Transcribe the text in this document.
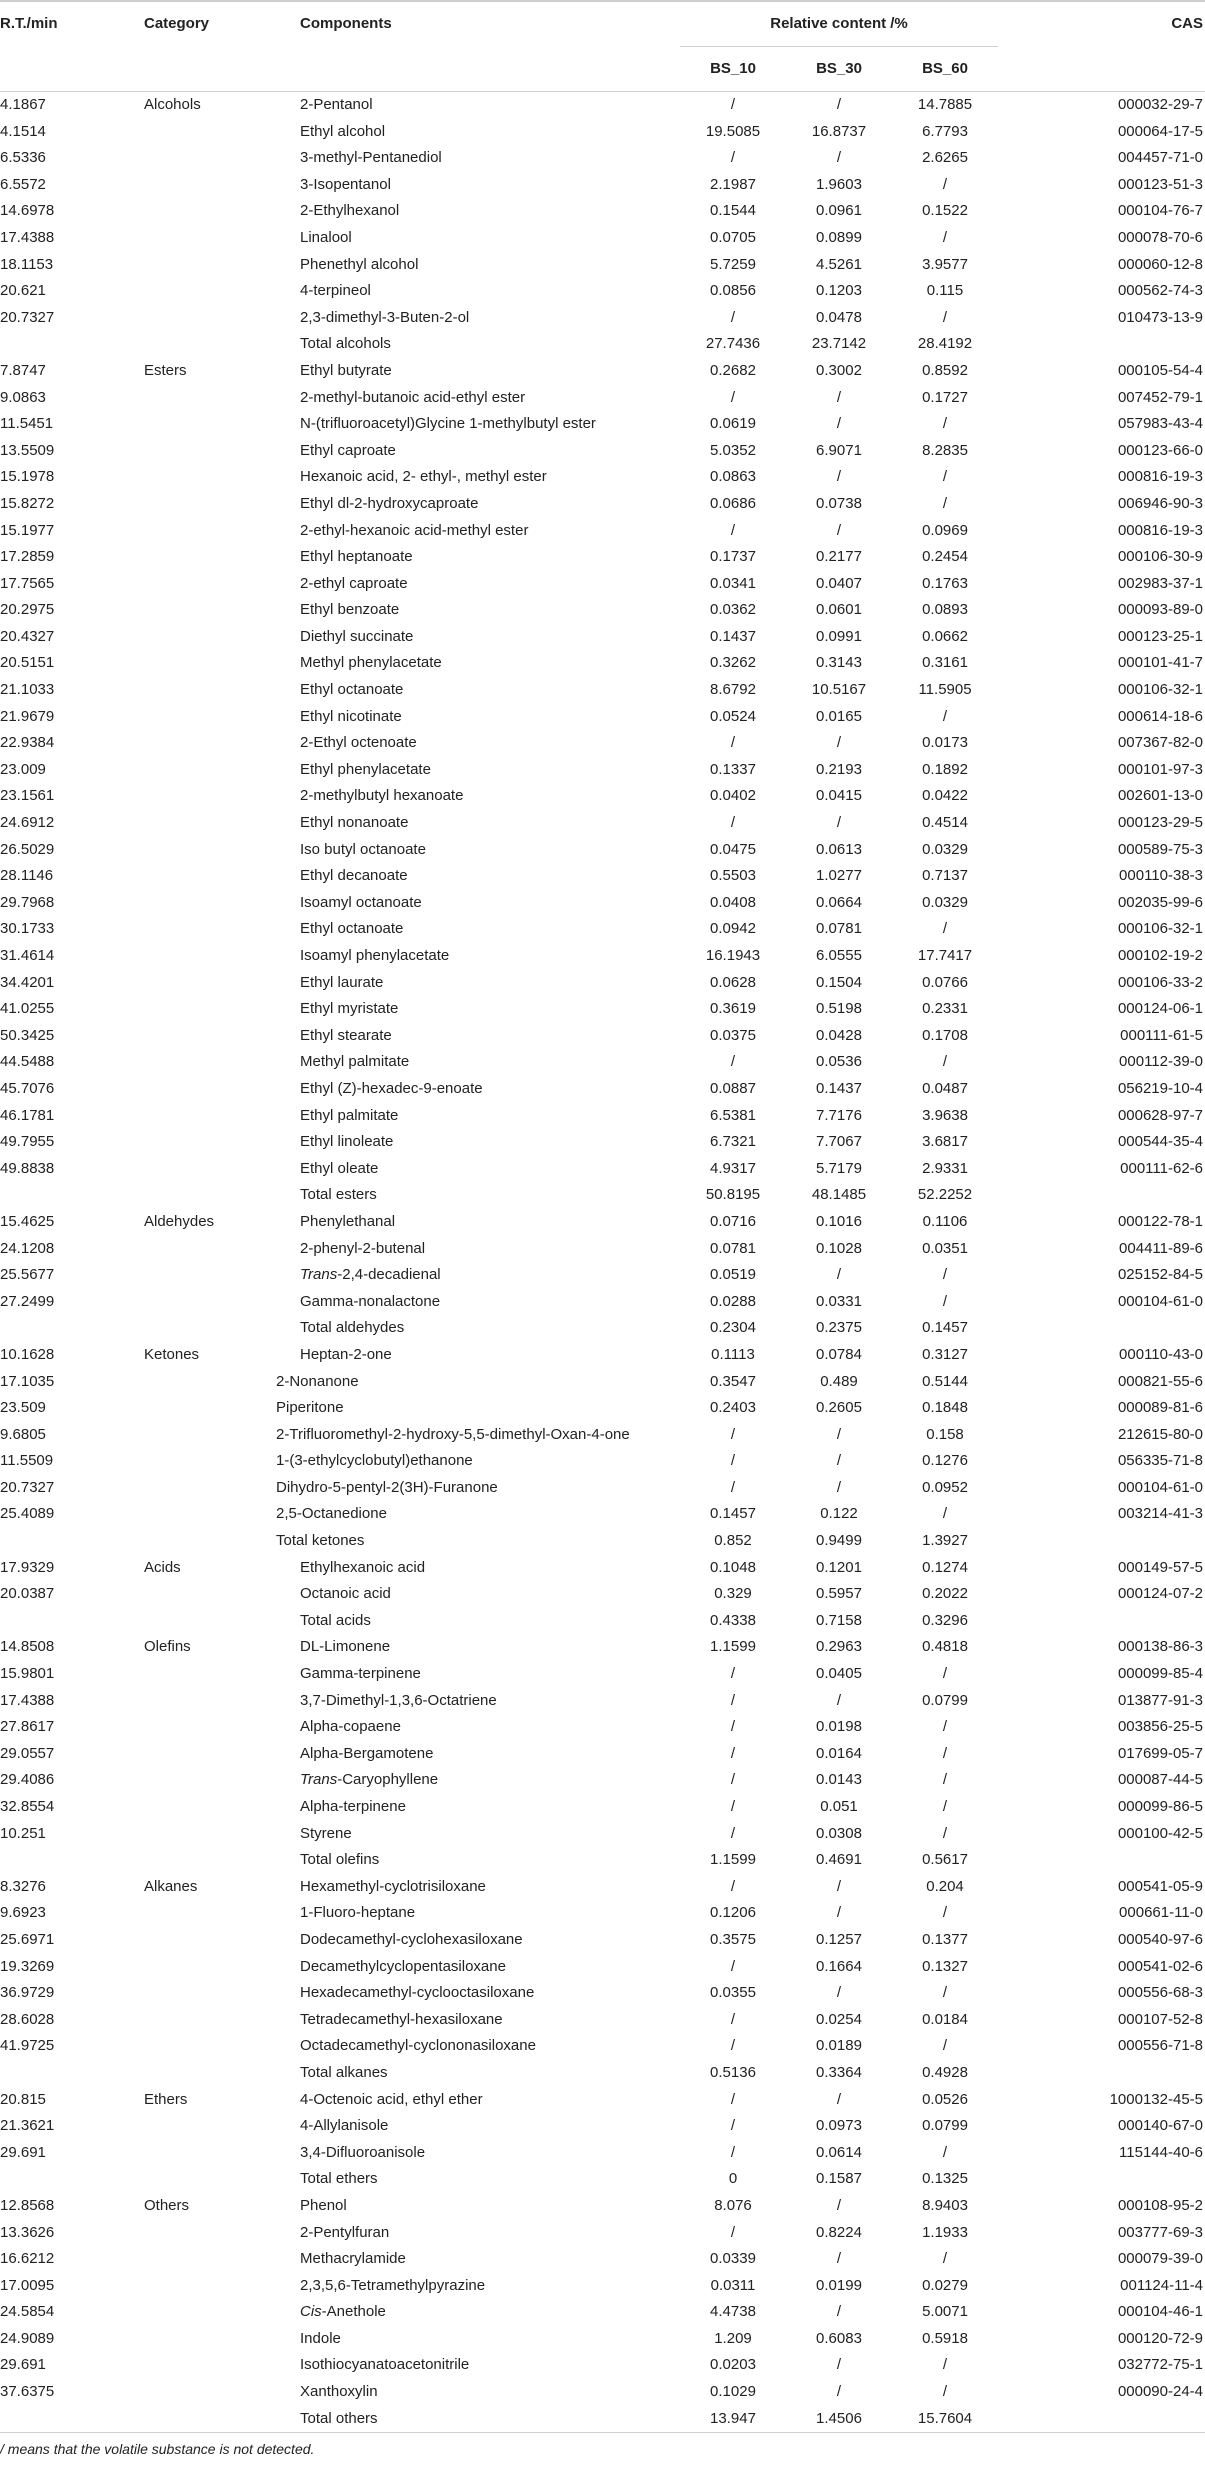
R.T./min	Category	Components	Relative content /%	CAS
			BS_10	BS_30	BS_60	
4.1867	Alcohols	2-Pentanol	/	/	14.7885	000032-29-7
4.1514		Ethyl alcohol	19.5085	16.8737	6.7793	000064-17-5
6.5336		3-methyl-Pentanediol	/	/	2.6265	004457-71-0
6.5572		3-Isopentanol	2.1987	1.9603	/	000123-51-3
14.6978		2-Ethylhexanol	0.1544	0.0961	0.1522	000104-76-7
17.4388		Linalool	0.0705	0.0899	/	000078-70-6
18.1153		Phenethyl alcohol	5.7259	4.5261	3.9577	000060-12-8
20.621		4-terpineol	0.0856	0.1203	0.115	000562-74-3
20.7327		2,3-dimethyl-3-Buten-2-ol	/	0.0478	/	010473-13-9
		Total alcohols	27.7436	23.7142	28.4192	
7.8747	Esters	Ethyl butyrate	0.2682	0.3002	0.8592	000105-54-4
9.0863		2-methyl-butanoic acid-ethyl ester	/	/	0.1727	007452-79-1
11.5451		N-(trifluoroacetyl)Glycine 1-methylbutyl ester	0.0619	/	/	057983-43-4
13.5509		Ethyl caproate	5.0352	6.9071	8.2835	000123-66-0
15.1978		Hexanoic acid, 2- ethyl-, methyl ester	0.0863	/	/	000816-19-3
15.8272		Ethyl dl-2-hydroxycaproate	0.0686	0.0738	/	006946-90-3
15.1977		2-ethyl-hexanoic acid-methyl ester	/	/	0.0969	000816-19-3
17.2859		Ethyl heptanoate	0.1737	0.2177	0.2454	000106-30-9
17.7565		2-ethyl caproate	0.0341	0.0407	0.1763	002983-37-1
20.2975		Ethyl benzoate	0.0362	0.0601	0.0893	000093-89-0
20.4327		Diethyl succinate	0.1437	0.0991	0.0662	000123-25-1
20.5151		Methyl phenylacetate	0.3262	0.3143	0.3161	000101-41-7
21.1033		Ethyl octanoate	8.6792	10.5167	11.5905	000106-32-1
21.9679		Ethyl nicotinate	0.0524	0.0165	/	000614-18-6
22.9384		2-Ethyl octenoate	/	/	0.0173	007367-82-0
23.009		Ethyl phenylacetate	0.1337	0.2193	0.1892	000101-97-3
23.1561		2-methylbutyl hexanoate	0.0402	0.0415	0.0422	002601-13-0
24.6912		Ethyl nonanoate	/	/	0.4514	000123-29-5
26.5029		Iso butyl octanoate	0.0475	0.0613	0.0329	000589-75-3
28.1146		Ethyl decanoate	0.5503	1.0277	0.7137	000110-38-3
29.7968		Isoamyl octanoate	0.0408	0.0664	0.0329	002035-99-6
30.1733		Ethyl octanoate	0.0942	0.0781	/	000106-32-1
31.4614		Isoamyl phenylacetate	16.1943	6.0555	17.7417	000102-19-2
34.4201		Ethyl laurate	0.0628	0.1504	0.0766	000106-33-2
41.0255		Ethyl myristate	0.3619	0.5198	0.2331	000124-06-1
50.3425		Ethyl stearate	0.0375	0.0428	0.1708	000111-61-5
44.5488		Methyl palmitate	/	0.0536	/	000112-39-0
45.7076		Ethyl (Z)-hexadec-9-enoate	0.0887	0.1437	0.0487	056219-10-4
46.1781		Ethyl palmitate	6.5381	7.7176	3.9638	000628-97-7
49.7955		Ethyl linoleate	6.7321	7.7067	3.6817	000544-35-4
49.8838		Ethyl oleate	4.9317	5.7179	2.9331	000111-62-6
		Total esters	50.8195	48.1485	52.2252	
15.4625	Aldehydes	Phenylethanal	0.0716	0.1016	0.1106	000122-78-1
24.1208		2-phenyl-2-butenal	0.0781	0.1028	0.0351	004411-89-6
25.5677		Trans-2,4-decadienal	0.0519	/	/	025152-84-5
27.2499		Gamma-nonalactone	0.0288	0.0331	/	000104-61-0
		Total aldehydes	0.2304	0.2375	0.1457	
10.1628	Ketones	Heptan-2-one	0.1113	0.0784	0.3127	000110-43-0
17.1035		2-Nonanone	0.3547	0.489	0.5144	000821-55-6
23.509		Piperitone	0.2403	0.2605	0.1848	000089-81-6
9.6805		2-Trifluoromethyl-2-hydroxy-5,5-dimethyl-Oxan-4-one	/	/	0.158	212615-80-0
11.5509		1-(3-ethylcyclobutyl)ethanone	/	/	0.1276	056335-71-8
20.7327		Dihydro-5-pentyl-2(3H)-Furanone	/	/	0.0952	000104-61-0
25.4089		2,5-Octanedione	0.1457	0.122	/	003214-41-3
		Total ketones	0.852	0.9499	1.3927	
17.9329	Acids	Ethylhexanoic acid	0.1048	0.1201	0.1274	000149-57-5
20.0387		Octanoic acid	0.329	0.5957	0.2022	000124-07-2
		Total acids	0.4338	0.7158	0.3296	
14.8508	Olefins	DL-Limonene	1.1599	0.2963	0.4818	000138-86-3
15.9801		Gamma-terpinene	/	0.0405	/	000099-85-4
17.4388		3,7-Dimethyl-1,3,6-Octatriene	/	/	0.0799	013877-91-3
27.8617		Alpha-copaene	/	0.0198	/	003856-25-5
29.0557		Alpha-Bergamotene	/	0.0164	/	017699-05-7
29.4086		Trans-Caryophyllene	/	0.0143	/	000087-44-5
32.8554		Alpha-terpinene	/	0.051	/	000099-86-5
10.251		Styrene	/	0.0308	/	000100-42-5
		Total olefins	1.1599	0.4691	0.5617	
8.3276	Alkanes	Hexamethyl-cyclotrisiloxane	/	/	0.204	000541-05-9
9.6923		1-Fluoro-heptane	0.1206	/	/	000661-11-0
25.6971		Dodecamethyl-cyclohexasiloxane	0.3575	0.1257	0.1377	000540-97-6
19.3269		Decamethylcyclopentasiloxane	/	0.1664	0.1327	000541-02-6
36.9729		Hexadecamethyl-cyclooctasiloxane	0.0355	/	/	000556-68-3
28.6028		Tetradecamethyl-hexasiloxane	/	0.0254	0.0184	000107-52-8
41.9725		Octadecamethyl-cyclononasiloxane	/	0.0189	/	000556-71-8
		Total alkanes	0.5136	0.3364	0.4928	
20.815	Ethers	4-Octenoic acid, ethyl ether	/	/	0.0526	1000132-45-5
21.3621		4-Allylanisole	/	0.0973	0.0799	000140-67-0
29.691		3,4-Difluoroanisole	/	0.0614	/	115144-40-6
		Total ethers	0	0.1587	0.1325	
12.8568	Others	Phenol	8.076	/	8.9403	000108-95-2
13.3626		2-Pentylfuran	/	0.8224	1.1933	003777-69-3
16.6212		Methacrylamide	0.0339	/	/	000079-39-0
17.0095		2,3,5,6-Tetramethylpyrazine	0.0311	0.0199	0.0279	001124-11-4
24.5854		Cis-Anethole	4.4738	/	5.0071	000104-46-1
24.9089		Indole	1.209	0.6083	0.5918	000120-72-9
29.691		Isothiocyanatoacetonitrile	0.0203	/	/	032772-75-1
37.6375		Xanthoxylin	0.1029	/	/	000090-24-4
		Total others	13.947	1.4506	15.7604	
/ means that the volatile substance is not detected.
